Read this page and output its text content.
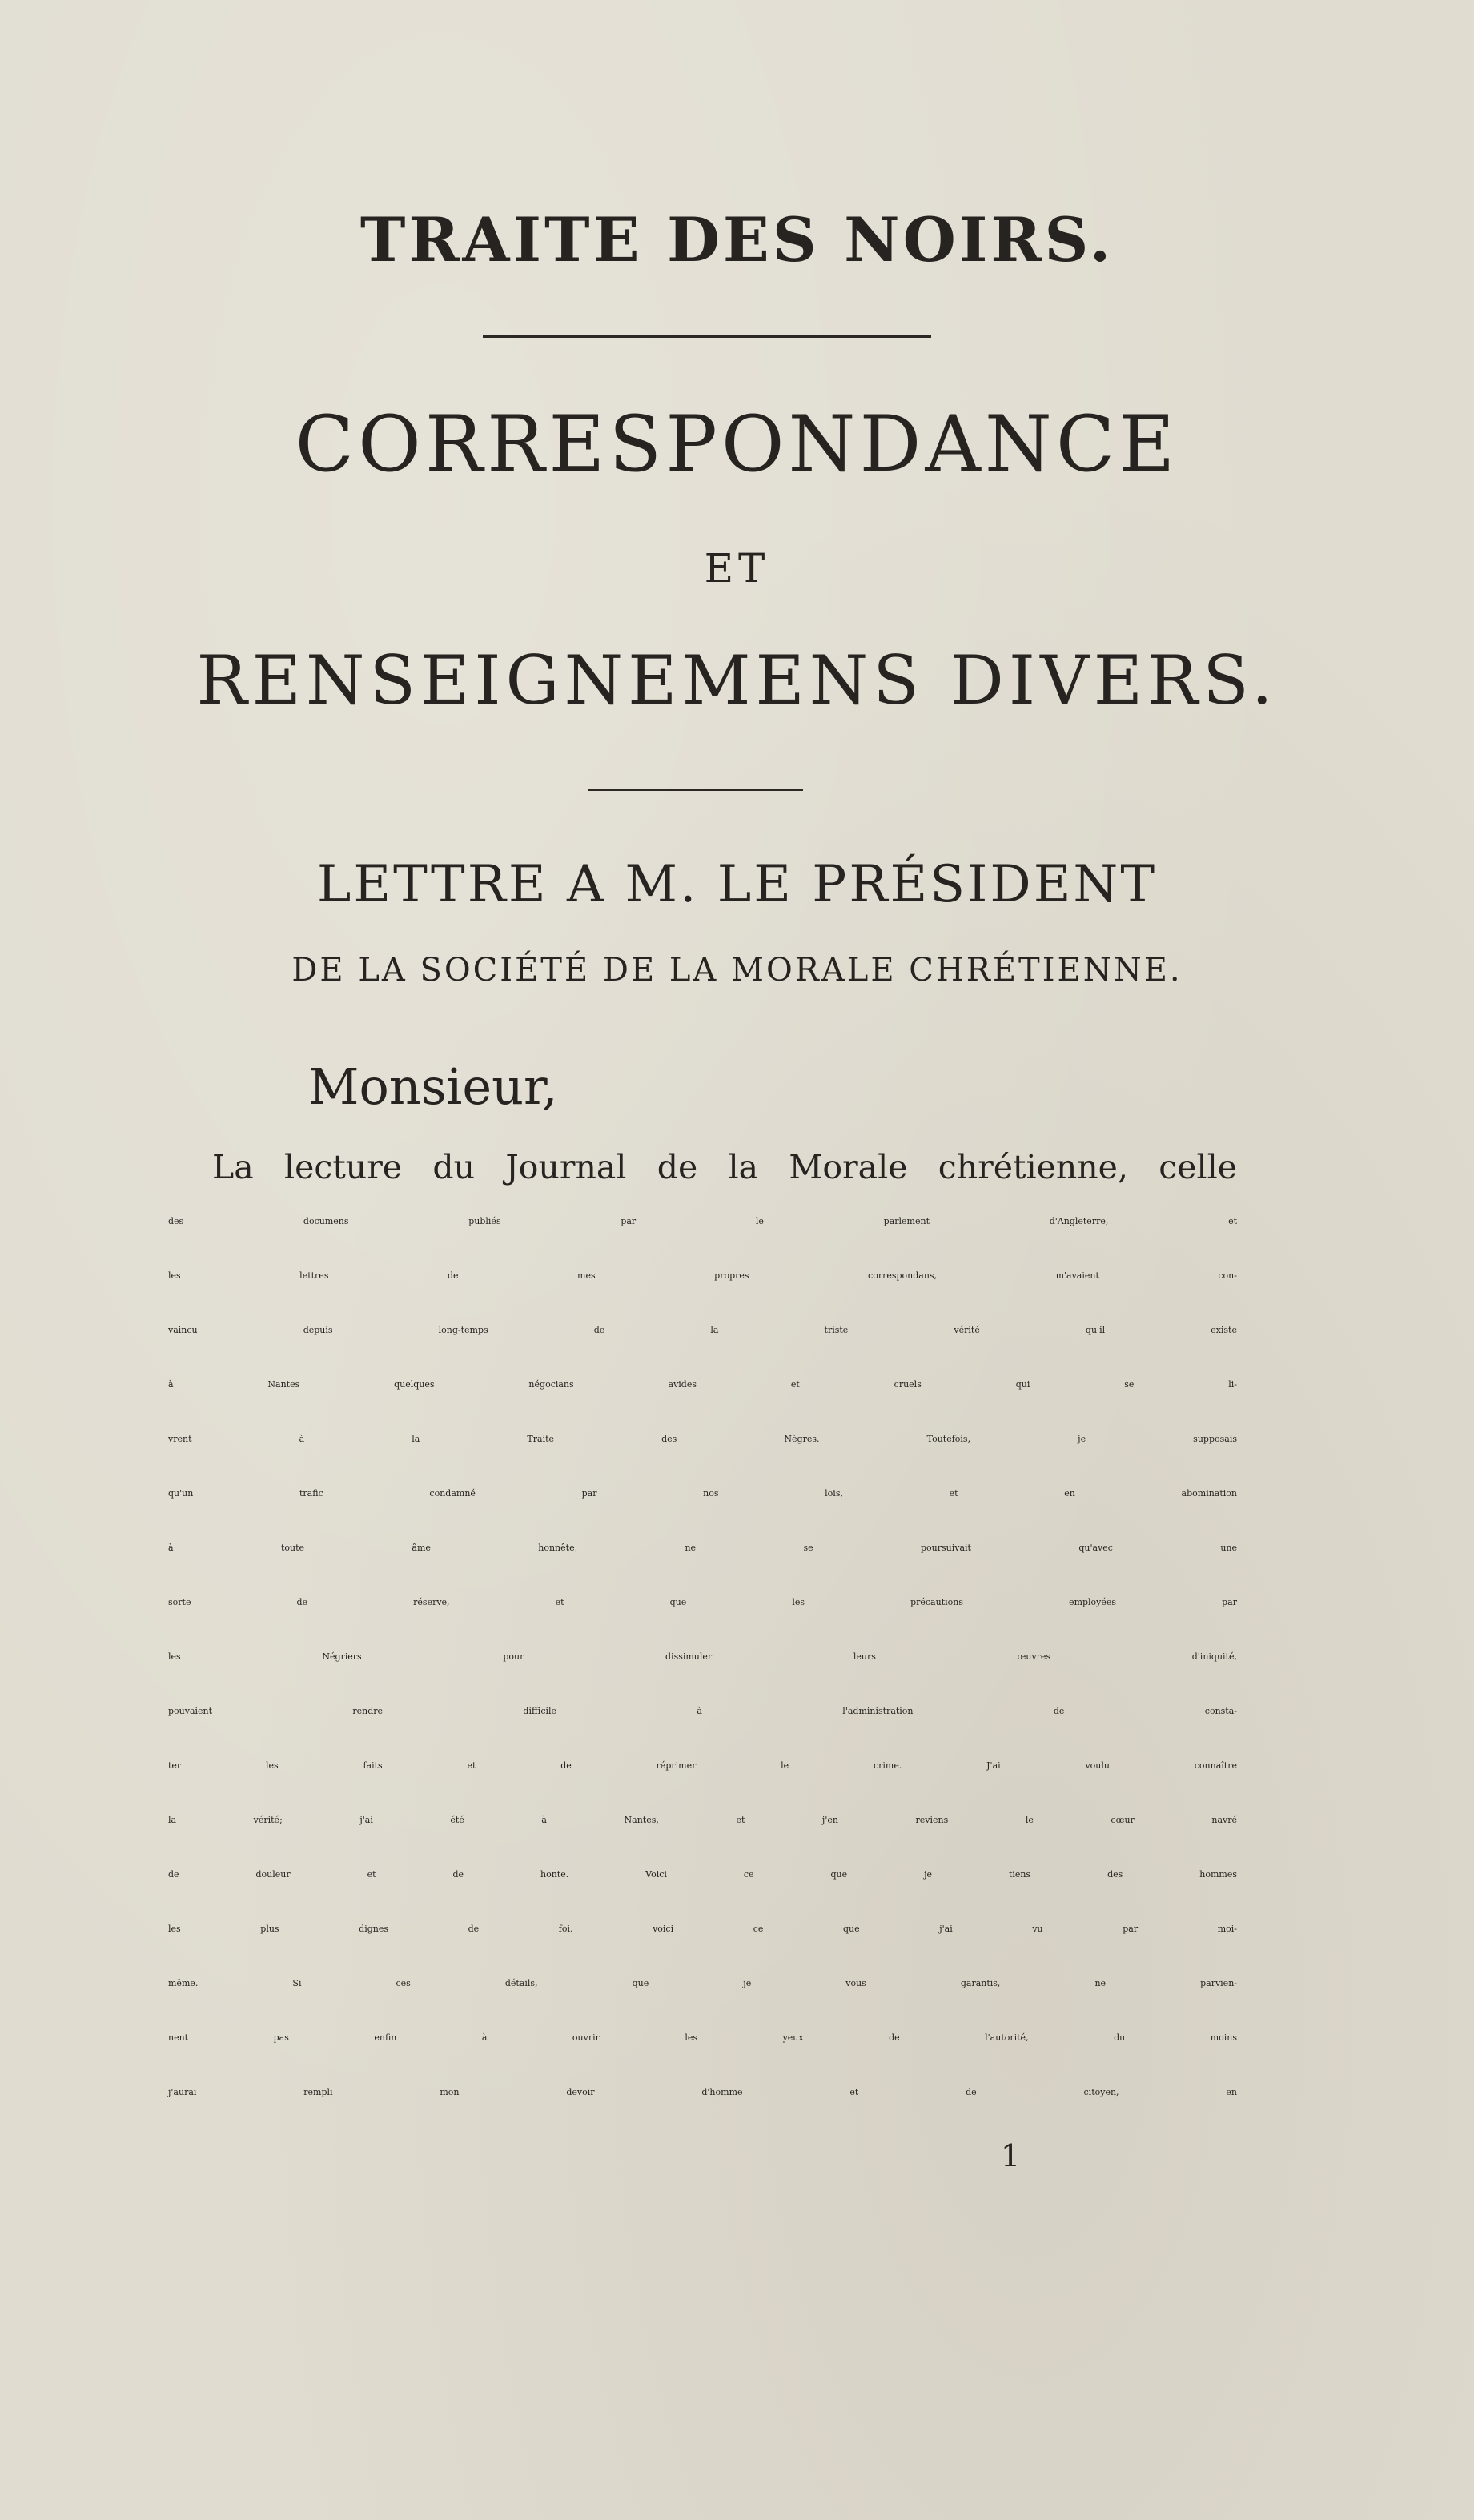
TRAITE DES NOIRS.

CORRESPONDANCE

ET

RENSEIGNEMENS DIVERS.

LETTRE A M. LE PRÉSIDENT

DE LA SOCIÉTÉ DE LA MORALE CHRÉTIENNE.

Monsieur,

La lecture du Journal de la Morale chrétienne, celle
des documens publiés par le parlement d'Angleterre, et
les lettres de mes propres correspondans, m'avaient con-
vaincu depuis long-temps de la triste vérité qu'il existe
à Nantes quelques négocians avides et cruels qui se li-
vrent à la Traite des Nègres. Toutefois, je supposais
qu'un trafic condamné par nos lois, et en abomination
à toute âme honnête, ne se poursuivait qu'avec une
sorte de réserve, et que les précautions employées par
les Négriers pour dissimuler leurs œuvres d'iniquité,
pouvaient rendre difficile à l'administration de consta-
ter les faits et de réprimer le crime. J'ai voulu connaître
la vérité; j'ai été à Nantes, et j'en reviens le cœur navré
de douleur et de honte. Voici ce que je tiens des hommes
les plus dignes de foi, voici ce que j'ai vu par moi-
même. Si ces détails, que je vous garantis, ne parvien-
nent pas enfin à ouvrir les yeux de l'autorité, du moins
j'aurai rempli mon devoir d'homme et de citoyen, en

1
